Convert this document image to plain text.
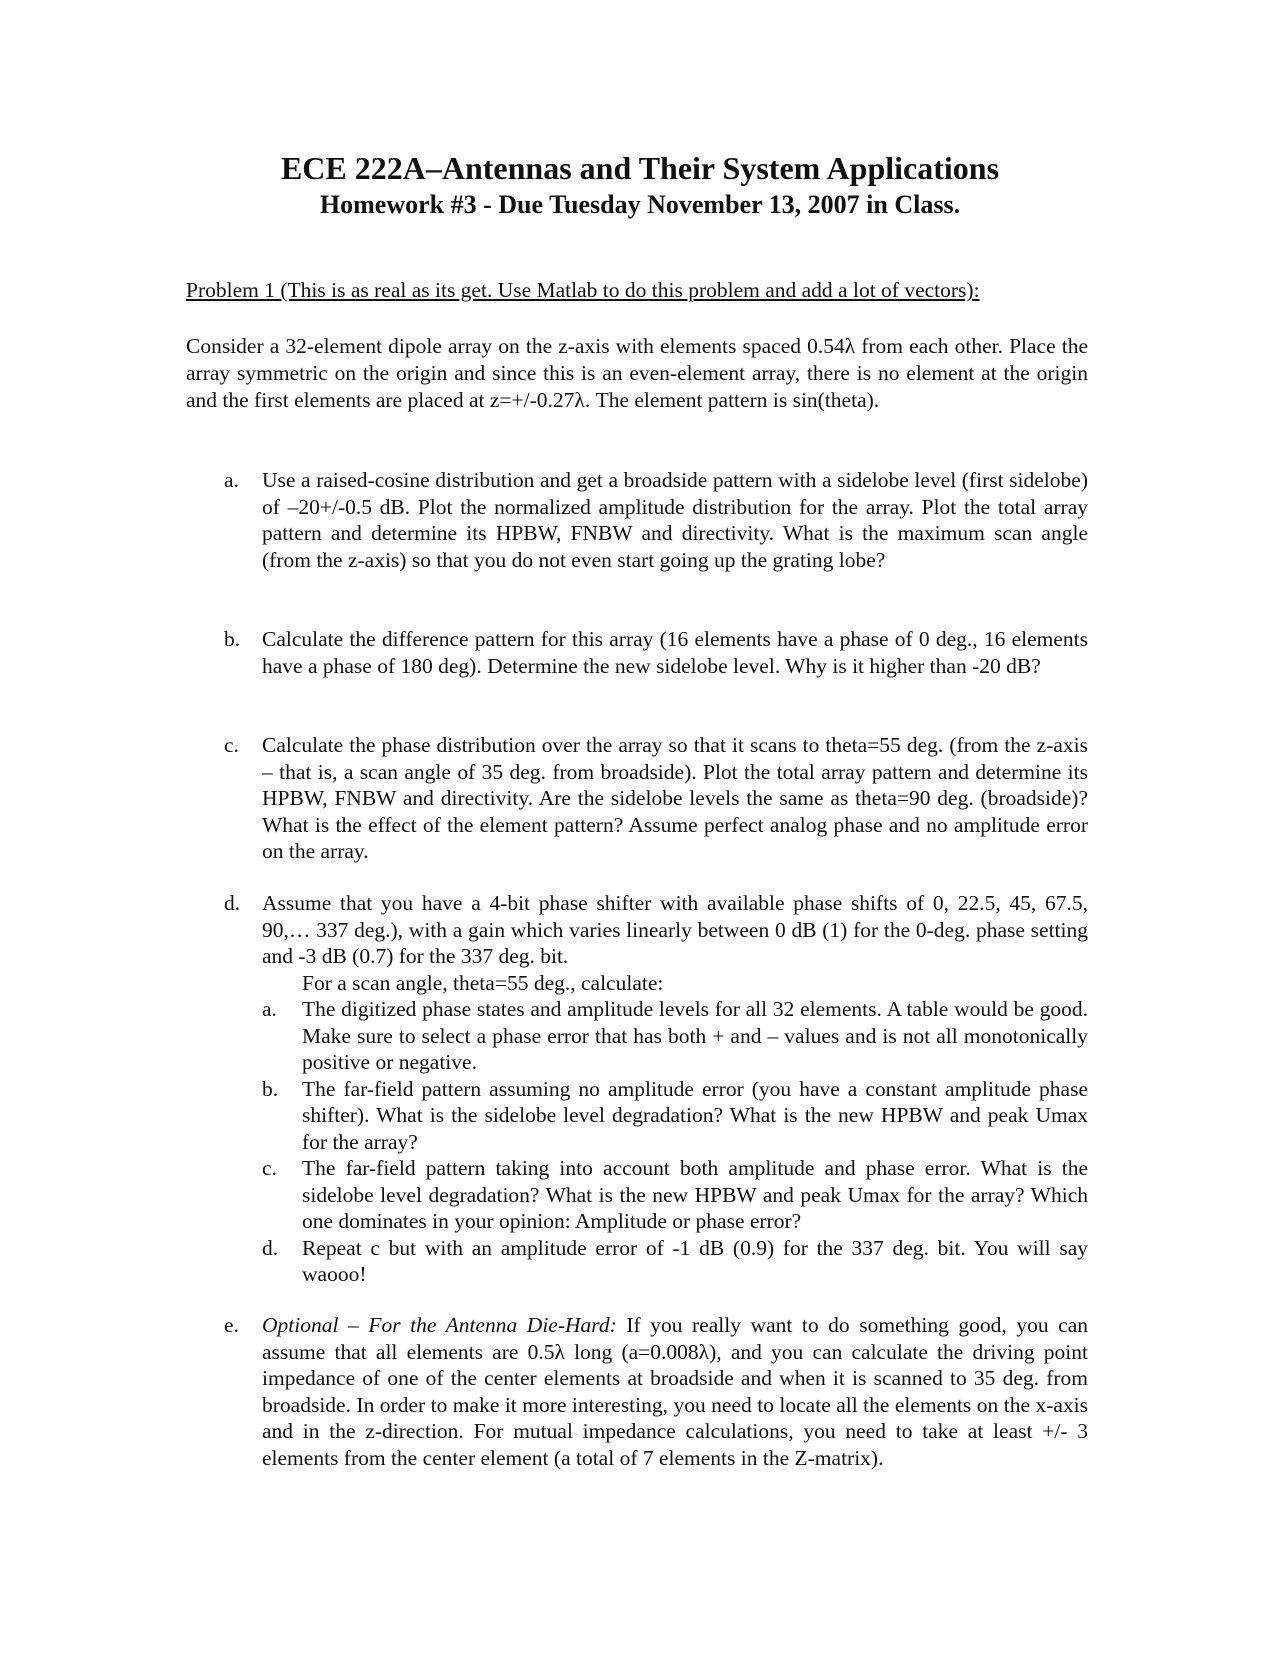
ECE 222A–Antennas and Their System Applications
Homework #3 - Due Tuesday November 13, 2007 in Class.
Problem 1 (This is as real as its get. Use Matlab to do this problem and add a lot of vectors):
Consider a 32-element dipole array on the z-axis with elements spaced 0.54λ from each other. Place the array symmetric on the origin and since this is an even-element array, there is no element at the origin and the first elements are placed at z=+/-0.27λ. The element pattern is sin(theta).
a. Use a raised-cosine distribution and get a broadside pattern with a sidelobe level (first sidelobe) of –20+/-0.5 dB. Plot the normalized amplitude distribution for the array. Plot the total array pattern and determine its HPBW, FNBW and directivity. What is the maximum scan angle (from the z-axis) so that you do not even start going up the grating lobe?
b. Calculate the difference pattern for this array (16 elements have a phase of 0 deg., 16 elements have a phase of 180 deg). Determine the new sidelobe level. Why is it higher than -20 dB?
c. Calculate the phase distribution over the array so that it scans to theta=55 deg. (from the z-axis – that is, a scan angle of 35 deg. from broadside). Plot the total array pattern and determine its HPBW, FNBW and directivity. Are the sidelobe levels the same as theta=90 deg. (broadside)? What is the effect of the element pattern? Assume perfect analog phase and no amplitude error on the array.
d. Assume that you have a 4-bit phase shifter with available phase shifts of 0, 22.5, 45, 67.5, 90,… 337 deg.), with a gain which varies linearly between 0 dB (1) for the 0-deg. phase setting and -3 dB (0.7) for the 337 deg. bit.
For a scan angle, theta=55 deg., calculate:
a. The digitized phase states and amplitude levels for all 32 elements. A table would be good. Make sure to select a phase error that has both + and – values and is not all monotonically positive or negative.
b. The far-field pattern assuming no amplitude error (you have a constant amplitude phase shifter). What is the sidelobe level degradation? What is the new HPBW and peak Umax for the array?
c. The far-field pattern taking into account both amplitude and phase error. What is the sidelobe level degradation? What is the new HPBW and peak Umax for the array? Which one dominates in your opinion: Amplitude or phase error?
d. Repeat c but with an amplitude error of -1 dB (0.9) for the 337 deg. bit. You will say waooo!
e. Optional – For the Antenna Die-Hard: If you really want to do something good, you can assume that all elements are 0.5λ long (a=0.008λ), and you can calculate the driving point impedance of one of the center elements at broadside and when it is scanned to 35 deg. from broadside. In order to make it more interesting, you need to locate all the elements on the x-axis and in the z-direction. For mutual impedance calculations, you need to take at least +/- 3 elements from the center element (a total of 7 elements in the Z-matrix).
